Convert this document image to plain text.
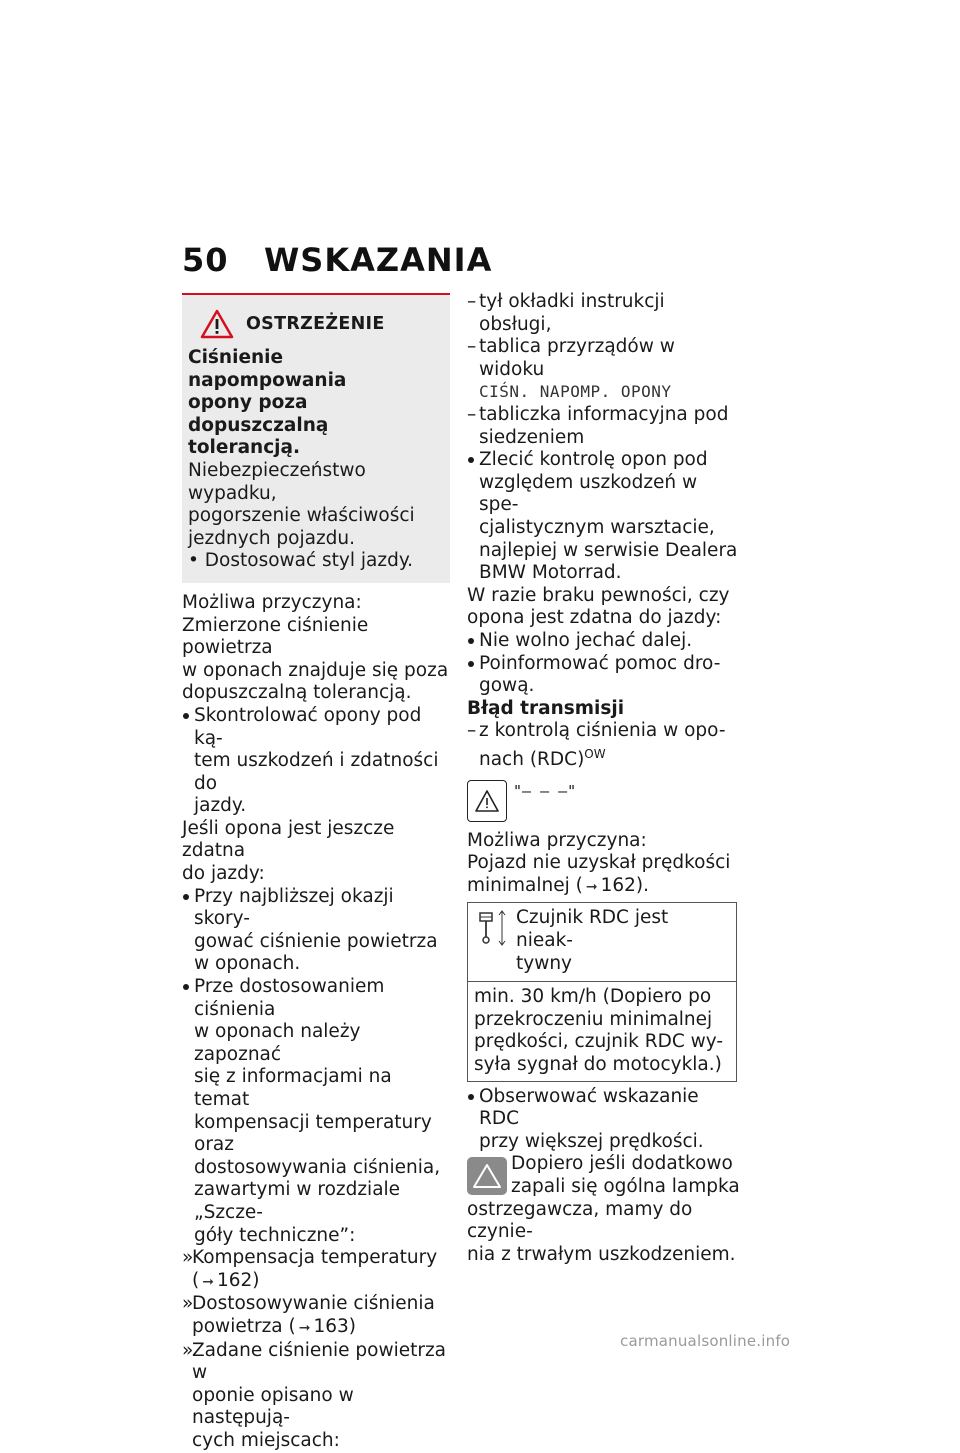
50 WSKAZANIA
OSTRZEŻENIE

Ciśnienie napompowania

opony poza dopuszczalną

tolerancją.

Niebezpieczeństwo wypadku,

pogorszenie właściwości

jezdnych pojazdu.

• Dostosować styl jazdy.

Możliwa przyczyna:

Zmierzone ciśnienie powietrza

w oponach znajduje się poza

dopuszczalną tolerancją.

Skontrolować opony pod ką-

tem uszkodzeń i zdatności do

jazdy.

Jeśli opona jest jeszcze zdatna

do jazdy:

Przy najbliższej okazji skory-

gować ciśnienie powietrza

w oponach.

Prze dostosowaniem ciśnienia

w oponach należy zapoznać

się z informacjami na temat

kompensacji temperatury oraz

dostosowywania ciśnienia,

zawartymi w rozdziale „Szcze-

góły techniczne”:

» Kompensacja temperatury

( ➞ 162)

» Dostosowywanie ciśnienia

powietrza ( ➞ 163)

» Zadane ciśnienie powietrza w

oponie opisano w następują-

cych miejscach:

– tył okładki instrukcji obsługi,

– tablica przyrządów w widoku

CIŚN. NAPOMP. OPONY

– tabliczka informacyjna pod

siedzeniem

Zlecić kontrolę opon pod

względem uszkodzeń w spe-

cjalistycznym warsztacie,

najlepiej w serwisie Dealera

BMW Motorrad.

W razie braku pewności, czy

opona jest zdatna do jazdy:

Nie wolno jechać dalej.

Poinformować pomoc dro-

gową.

Błąd transmisji

– z kontrolą ciśnienia w opo-

nach (RDC)$^{OW}$

"– – –"

Możliwa przyczyna:

Pojazd nie uzyskał prędkości

minimalnej ( ➞ 162).

Czujnik RDC jest nieak-

tywny

min. 30 km/h (Dopiero po

przekroczeniu minimalnej

prędkości, czujnik RDC wy-

syła sygnał do motocykla.)

Obserwować wskazanie RDC

przy większej prędkości.

Dopiero jeśli dodatkowo

zapali się ogólna lampka

ostrzegawcza, mamy do czynie-

nia z trwałym uszkodzeniem.

carmanualsonline.info
